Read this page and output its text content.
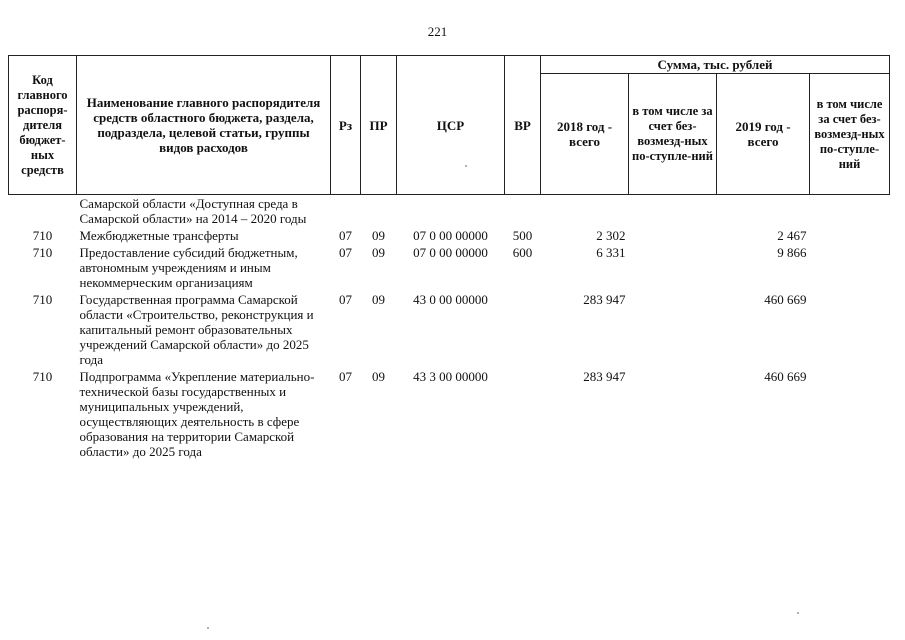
221
Код главного распоря-дителя бюджет-ных средств	Наименование главного распорядителя средств областного бюджета, раздела, подраздела, целевой статьи, группы видов расходов	Рз	ПР	ЦСР	ВР	Сумма, тыс. рублей			
						2018 год - всего	в том числе за счет без-возмезд-ных по-ступле-ний	2019 год - всего	в том числе за счет без-возмезд-ных по-ступле-ний
	Самарской области «Доступная среда в Самарской области» на 2014 – 2020 годы								
710	Межбюджетные трансферты	07	09	07 0 00 00000	500	2 302		2 467	
710	Предоставление субсидий бюджетным, автономным учреждениям и иным некоммерческим организациям	07	09	07 0 00 00000	600	6 331		9 866	
710	Государственная программа Самарской области «Строительство, реконструкция и капитальный ремонт образовательных учреждений Самарской области» до 2025 года	07	09	43 0 00 00000		283 947		460 669	
710	Подпрограмма «Укрепление материально-технической базы государственных и муниципальных учреждений, осуществляющих деятельность в сфере образования на территории Самарской области» до 2025 года	07	09	43 3 00 00000		283 947		460 669	
